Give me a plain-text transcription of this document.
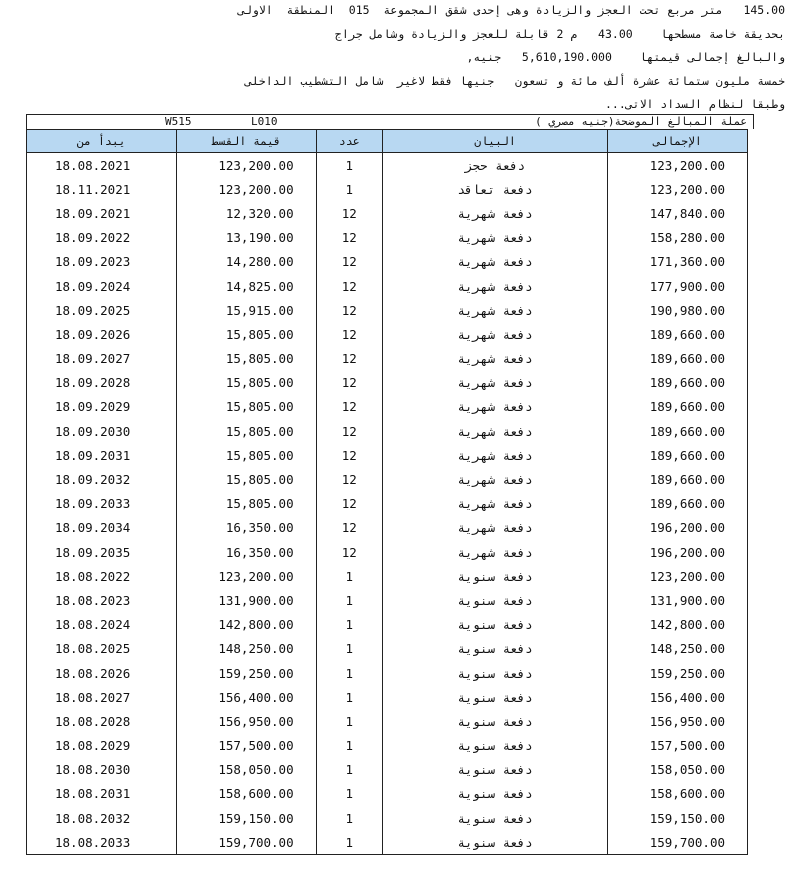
145.00   متر مربع تحت العجز والزيادة وهى إحدى شقق المجموعة  015  المنطقة  الاولى
بحديقة خاصة مسطحها    43.00   م 2 قابلة للعجز والزيادة وشامل جراج
والبالغ إجمالى قيمتها    5,610,190.000   جنيه,
خمسة مليون ستمائة عشرة ألف مائة و تسعون   جنيها فقط لاغير  شامل التشطيب الداخلى
وطبقا لنظام السداد الاتى...
W515	L010	عملة المبالغ الموضحة(جنيه مصري )
يبدأ من	قيمة القسط	عدد	البيان	الإجمالى
18.08.2021	123,200.00	1	دفعة حجز	123,200.00
18.11.2021	123,200.00	1	دفعة تعاقد	123,200.00
18.09.2021	12,320.00	12	دفعة شهرية	147,840.00
18.09.2022	13,190.00	12	دفعة شهرية	158,280.00
18.09.2023	14,280.00	12	دفعة شهرية	171,360.00
18.09.2024	14,825.00	12	دفعة شهرية	177,900.00
18.09.2025	15,915.00	12	دفعة شهرية	190,980.00
18.09.2026	15,805.00	12	دفعة شهرية	189,660.00
18.09.2027	15,805.00	12	دفعة شهرية	189,660.00
18.09.2028	15,805.00	12	دفعة شهرية	189,660.00
18.09.2029	15,805.00	12	دفعة شهرية	189,660.00
18.09.2030	15,805.00	12	دفعة شهرية	189,660.00
18.09.2031	15,805.00	12	دفعة شهرية	189,660.00
18.09.2032	15,805.00	12	دفعة شهرية	189,660.00
18.09.2033	15,805.00	12	دفعة شهرية	189,660.00
18.09.2034	16,350.00	12	دفعة شهرية	196,200.00
18.09.2035	16,350.00	12	دفعة شهرية	196,200.00
18.08.2022	123,200.00	1	دفعة سنوية	123,200.00
18.08.2023	131,900.00	1	دفعة سنوية	131,900.00
18.08.2024	142,800.00	1	دفعة سنوية	142,800.00
18.08.2025	148,250.00	1	دفعة سنوية	148,250.00
18.08.2026	159,250.00	1	دفعة سنوية	159,250.00
18.08.2027	156,400.00	1	دفعة سنوية	156,400.00
18.08.2028	156,950.00	1	دفعة سنوية	156,950.00
18.08.2029	157,500.00	1	دفعة سنوية	157,500.00
18.08.2030	158,050.00	1	دفعة سنوية	158,050.00
18.08.2031	158,600.00	1	دفعة سنوية	158,600.00
18.08.2032	159,150.00	1	دفعة سنوية	159,150.00
18.08.2033	159,700.00	1	دفعة سنوية	159,700.00
